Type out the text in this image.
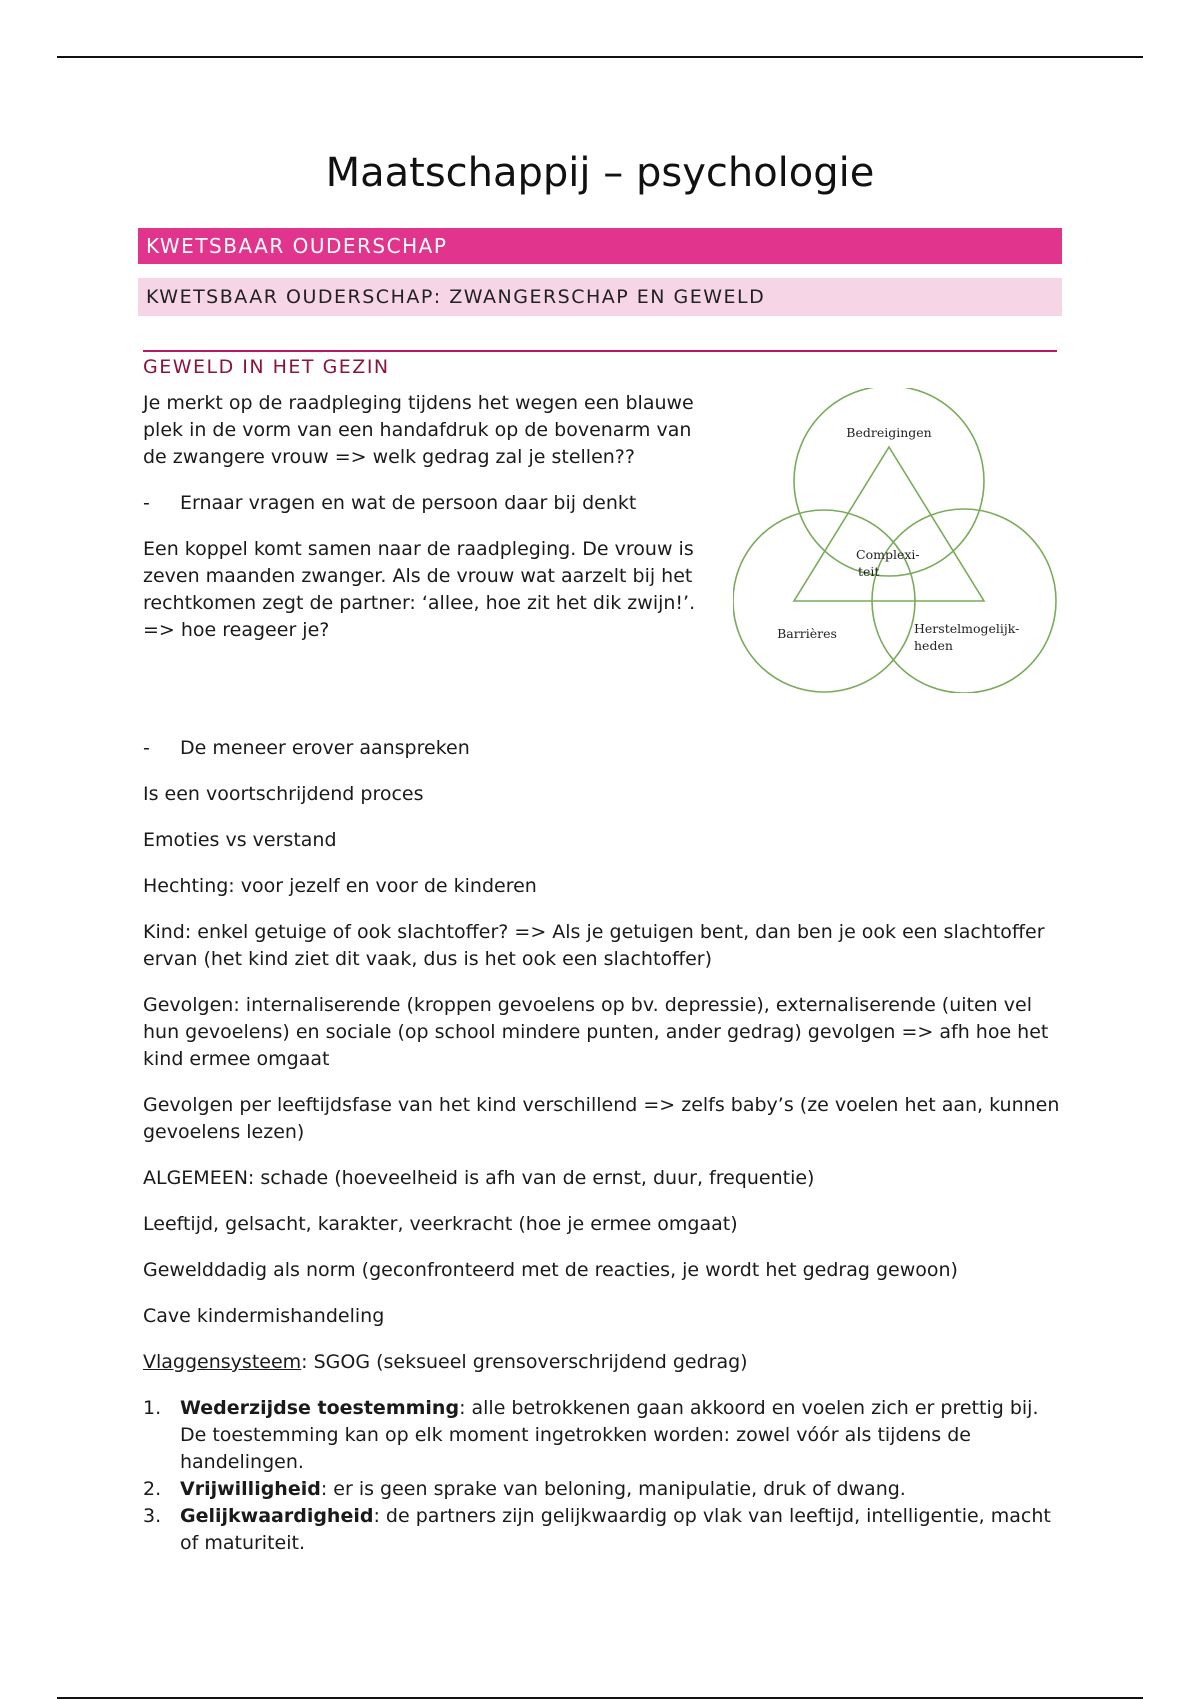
Maatschappij – psychologie
KWETSBAAR OUDERSCHAP
KWETSBAAR OUDERSCHAP: ZWANGERSCHAP EN GEWELD
GEWELD IN HET GEZIN

Je merkt op de raadpleging tijdens het wegen een blauwe plek in de vorm van een handafdruk op de bovenarm van de zwangere vrouw => welk gedrag zal je stellen??

- Ernaar vragen en wat de persoon daar bij denkt

Een koppel komt samen naar de raadpleging. De vrouw is zeven maanden zwanger. Als de vrouw wat aarzelt bij het rechtkomen zegt de partner: ‘allee, hoe zit het dik zwijn!’. => hoe reageer je?

Bedreigingen
Complexi-
teit
Barrières	Herstelmogelijk-
heden

- De meneer erover aanspreken

Is een voortschrijdend proces

Emoties vs verstand

Hechting: voor jezelf en voor de kinderen

Kind: enkel getuige of ook slachtoffer? => Als je getuigen bent, dan ben je ook een slachtoffer ervan (het kind ziet dit vaak, dus is het ook een slachtoffer)

Gevolgen: internaliserende (kroppen gevoelens op bv. depressie), externaliserende (uiten vel hun gevoelens) en sociale (op school mindere punten, ander gedrag) gevolgen => afh hoe het kind ermee omgaat

Gevolgen per leeftijdsfase van het kind verschillend => zelfs baby’s (ze voelen het aan, kunnen gevoelens lezen)

ALGEMEEN: schade (hoeveelheid is afh van de ernst, duur, frequentie)

Leeftijd, gelsacht, karakter, veerkracht (hoe je ermee omgaat)

Gewelddadig als norm (geconfronteerd met de reacties, je wordt het gedrag gewoon)

Cave kindermishandeling

Vlaggensysteem: SGOG (seksueel grensoverschrijdend gedrag)

1. Wederzijdse toestemming: alle betrokkenen gaan akkoord en voelen zich er prettig bij. De toestemming kan op elk moment ingetrokken worden: zowel vóór als tijdens de handelingen.
2. Vrijwilligheid: er is geen sprake van beloning, manipulatie, druk of dwang.
3. Gelijkwaardigheid: de partners zijn gelijkwaardig op vlak van leeftijd, intelligentie, macht of maturiteit.
